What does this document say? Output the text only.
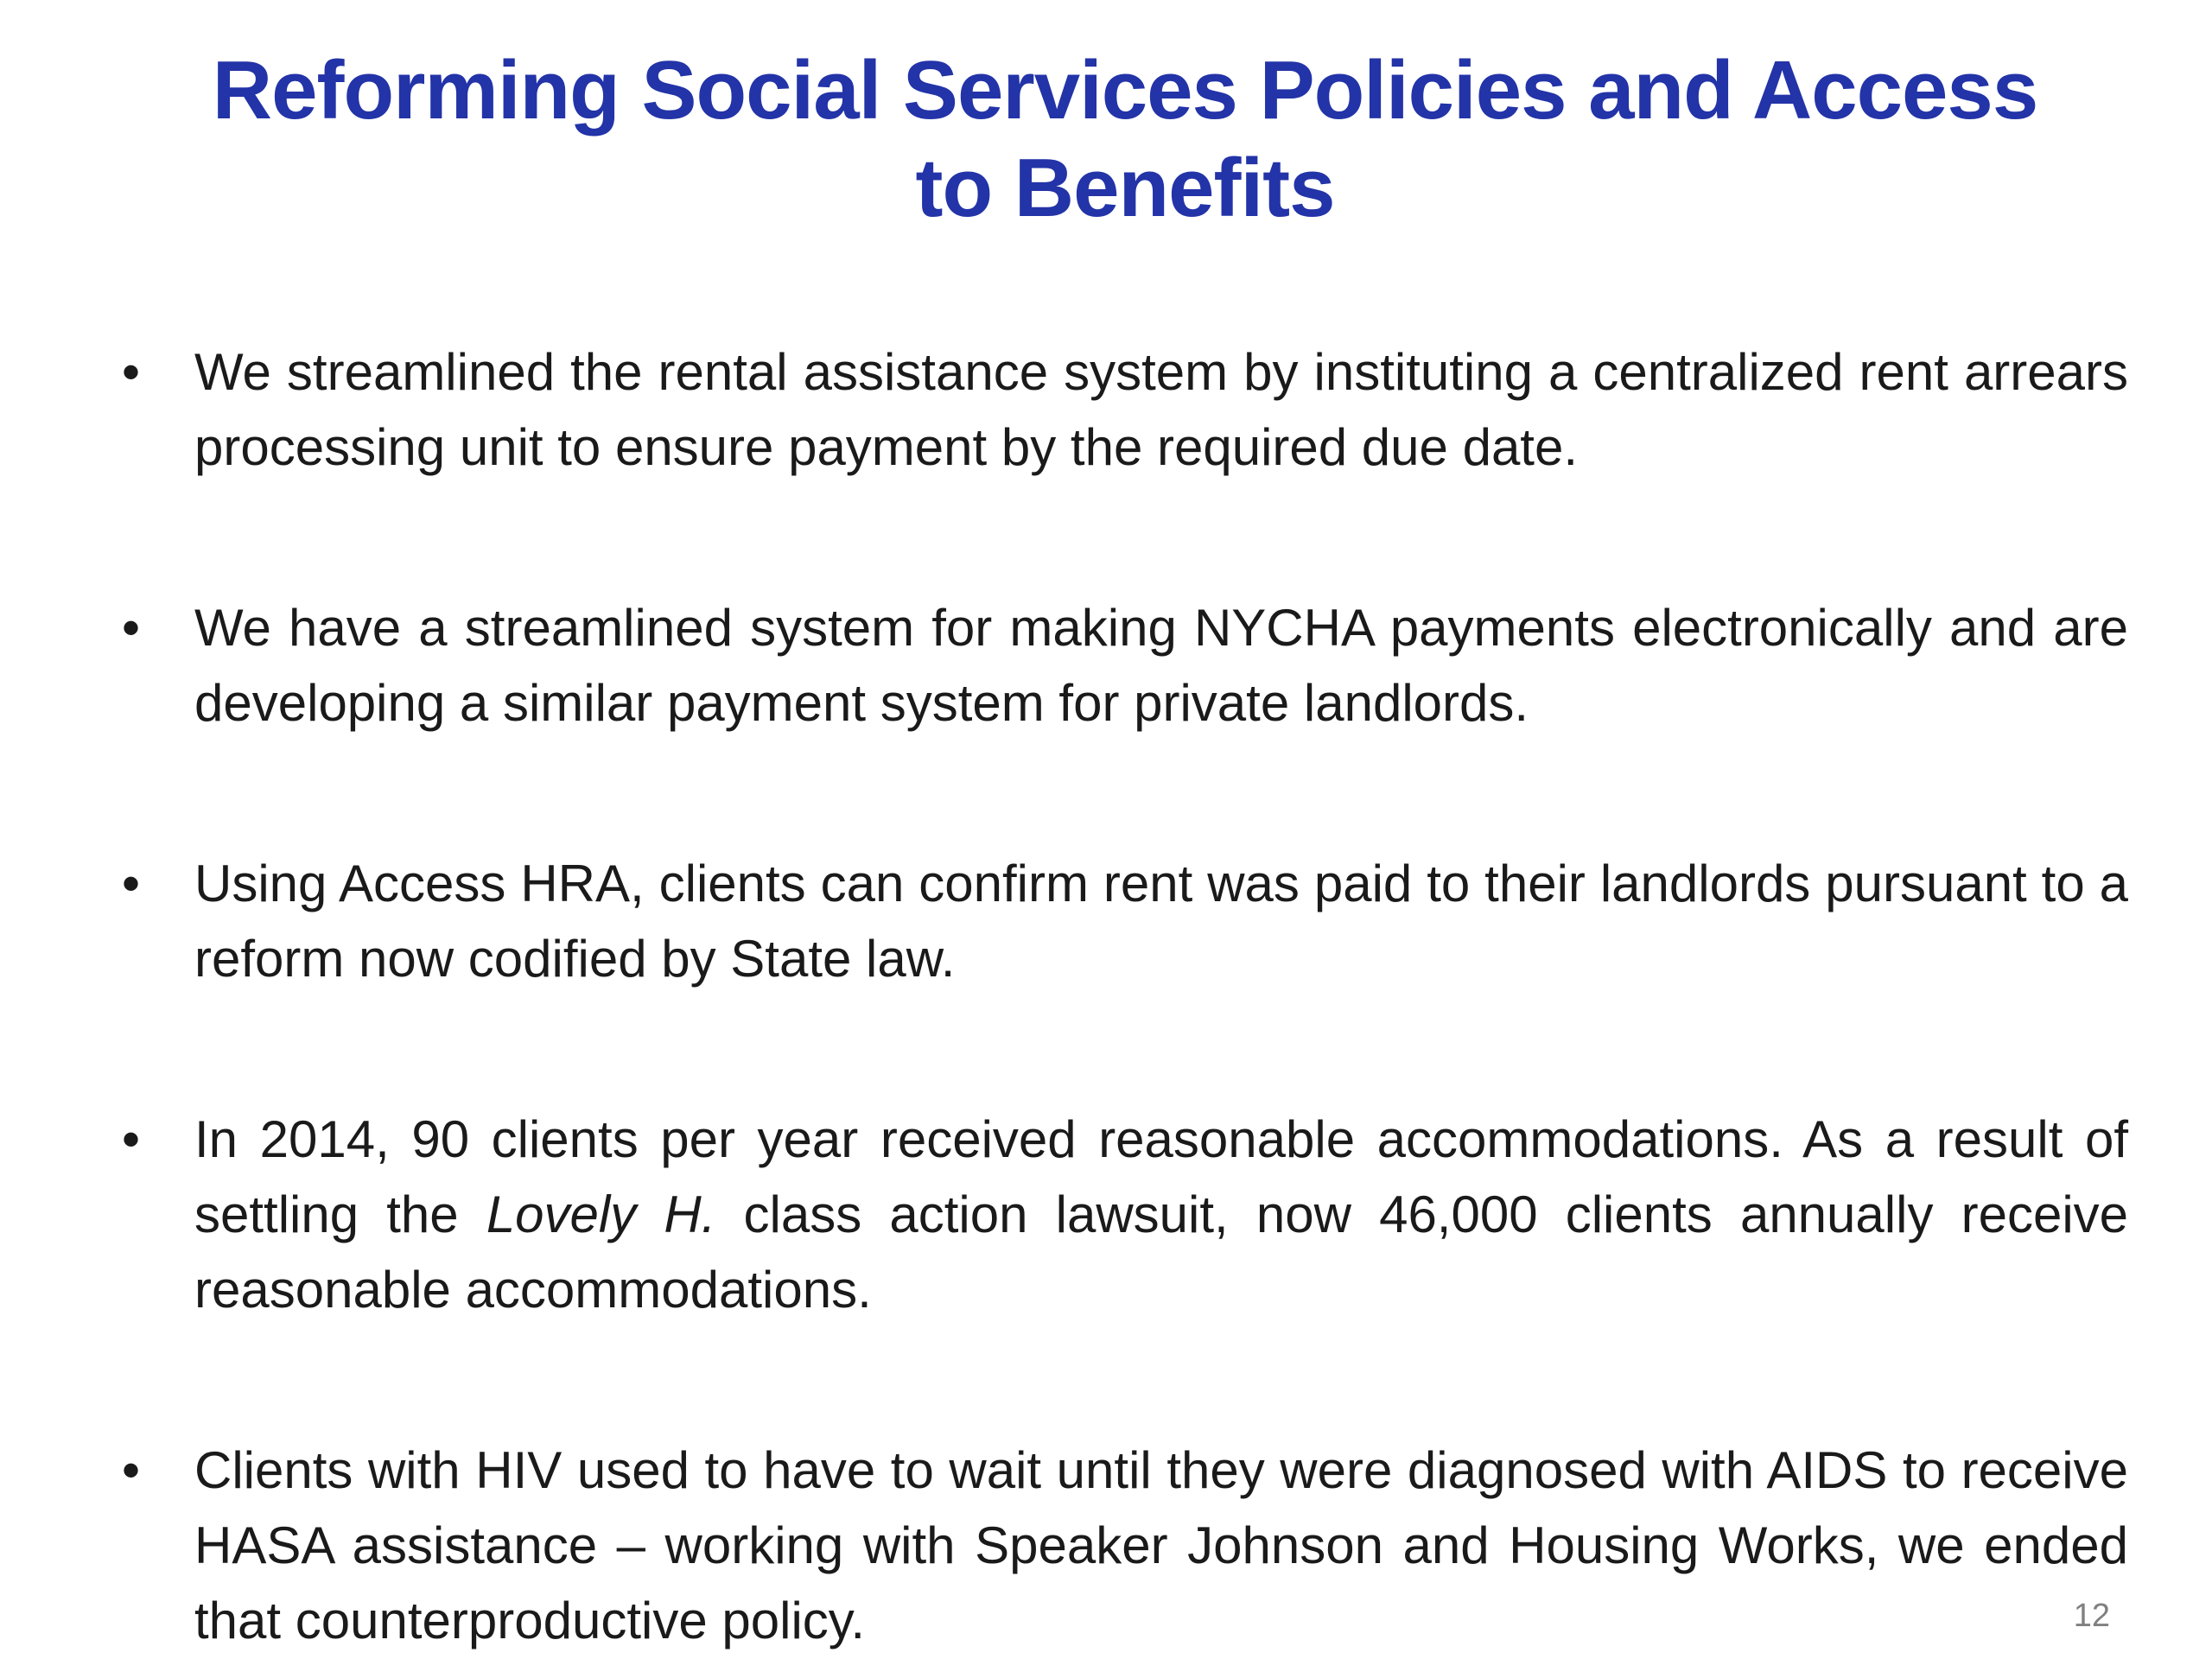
Reforming Social Services Policies and Access to Benefits
• We streamlined the rental assistance system by instituting a centralized rent arrears processing unit to ensure payment by the required due date.
• We have a streamlined system for making NYCHA payments electronically and are developing a similar payment system for private landlords.
• Using Access HRA, clients can confirm rent was paid to their landlords pursuant to a reform now codified by State law.
• In 2014, 90 clients per year received reasonable accommodations. As a result of settling the Lovely H. class action lawsuit, now 46,000 clients annually receive reasonable accommodations.
• Clients with HIV used to have to wait until they were diagnosed with AIDS to receive HASA assistance – working with Speaker Johnson and Housing Works, we ended that counterproductive policy.	12
